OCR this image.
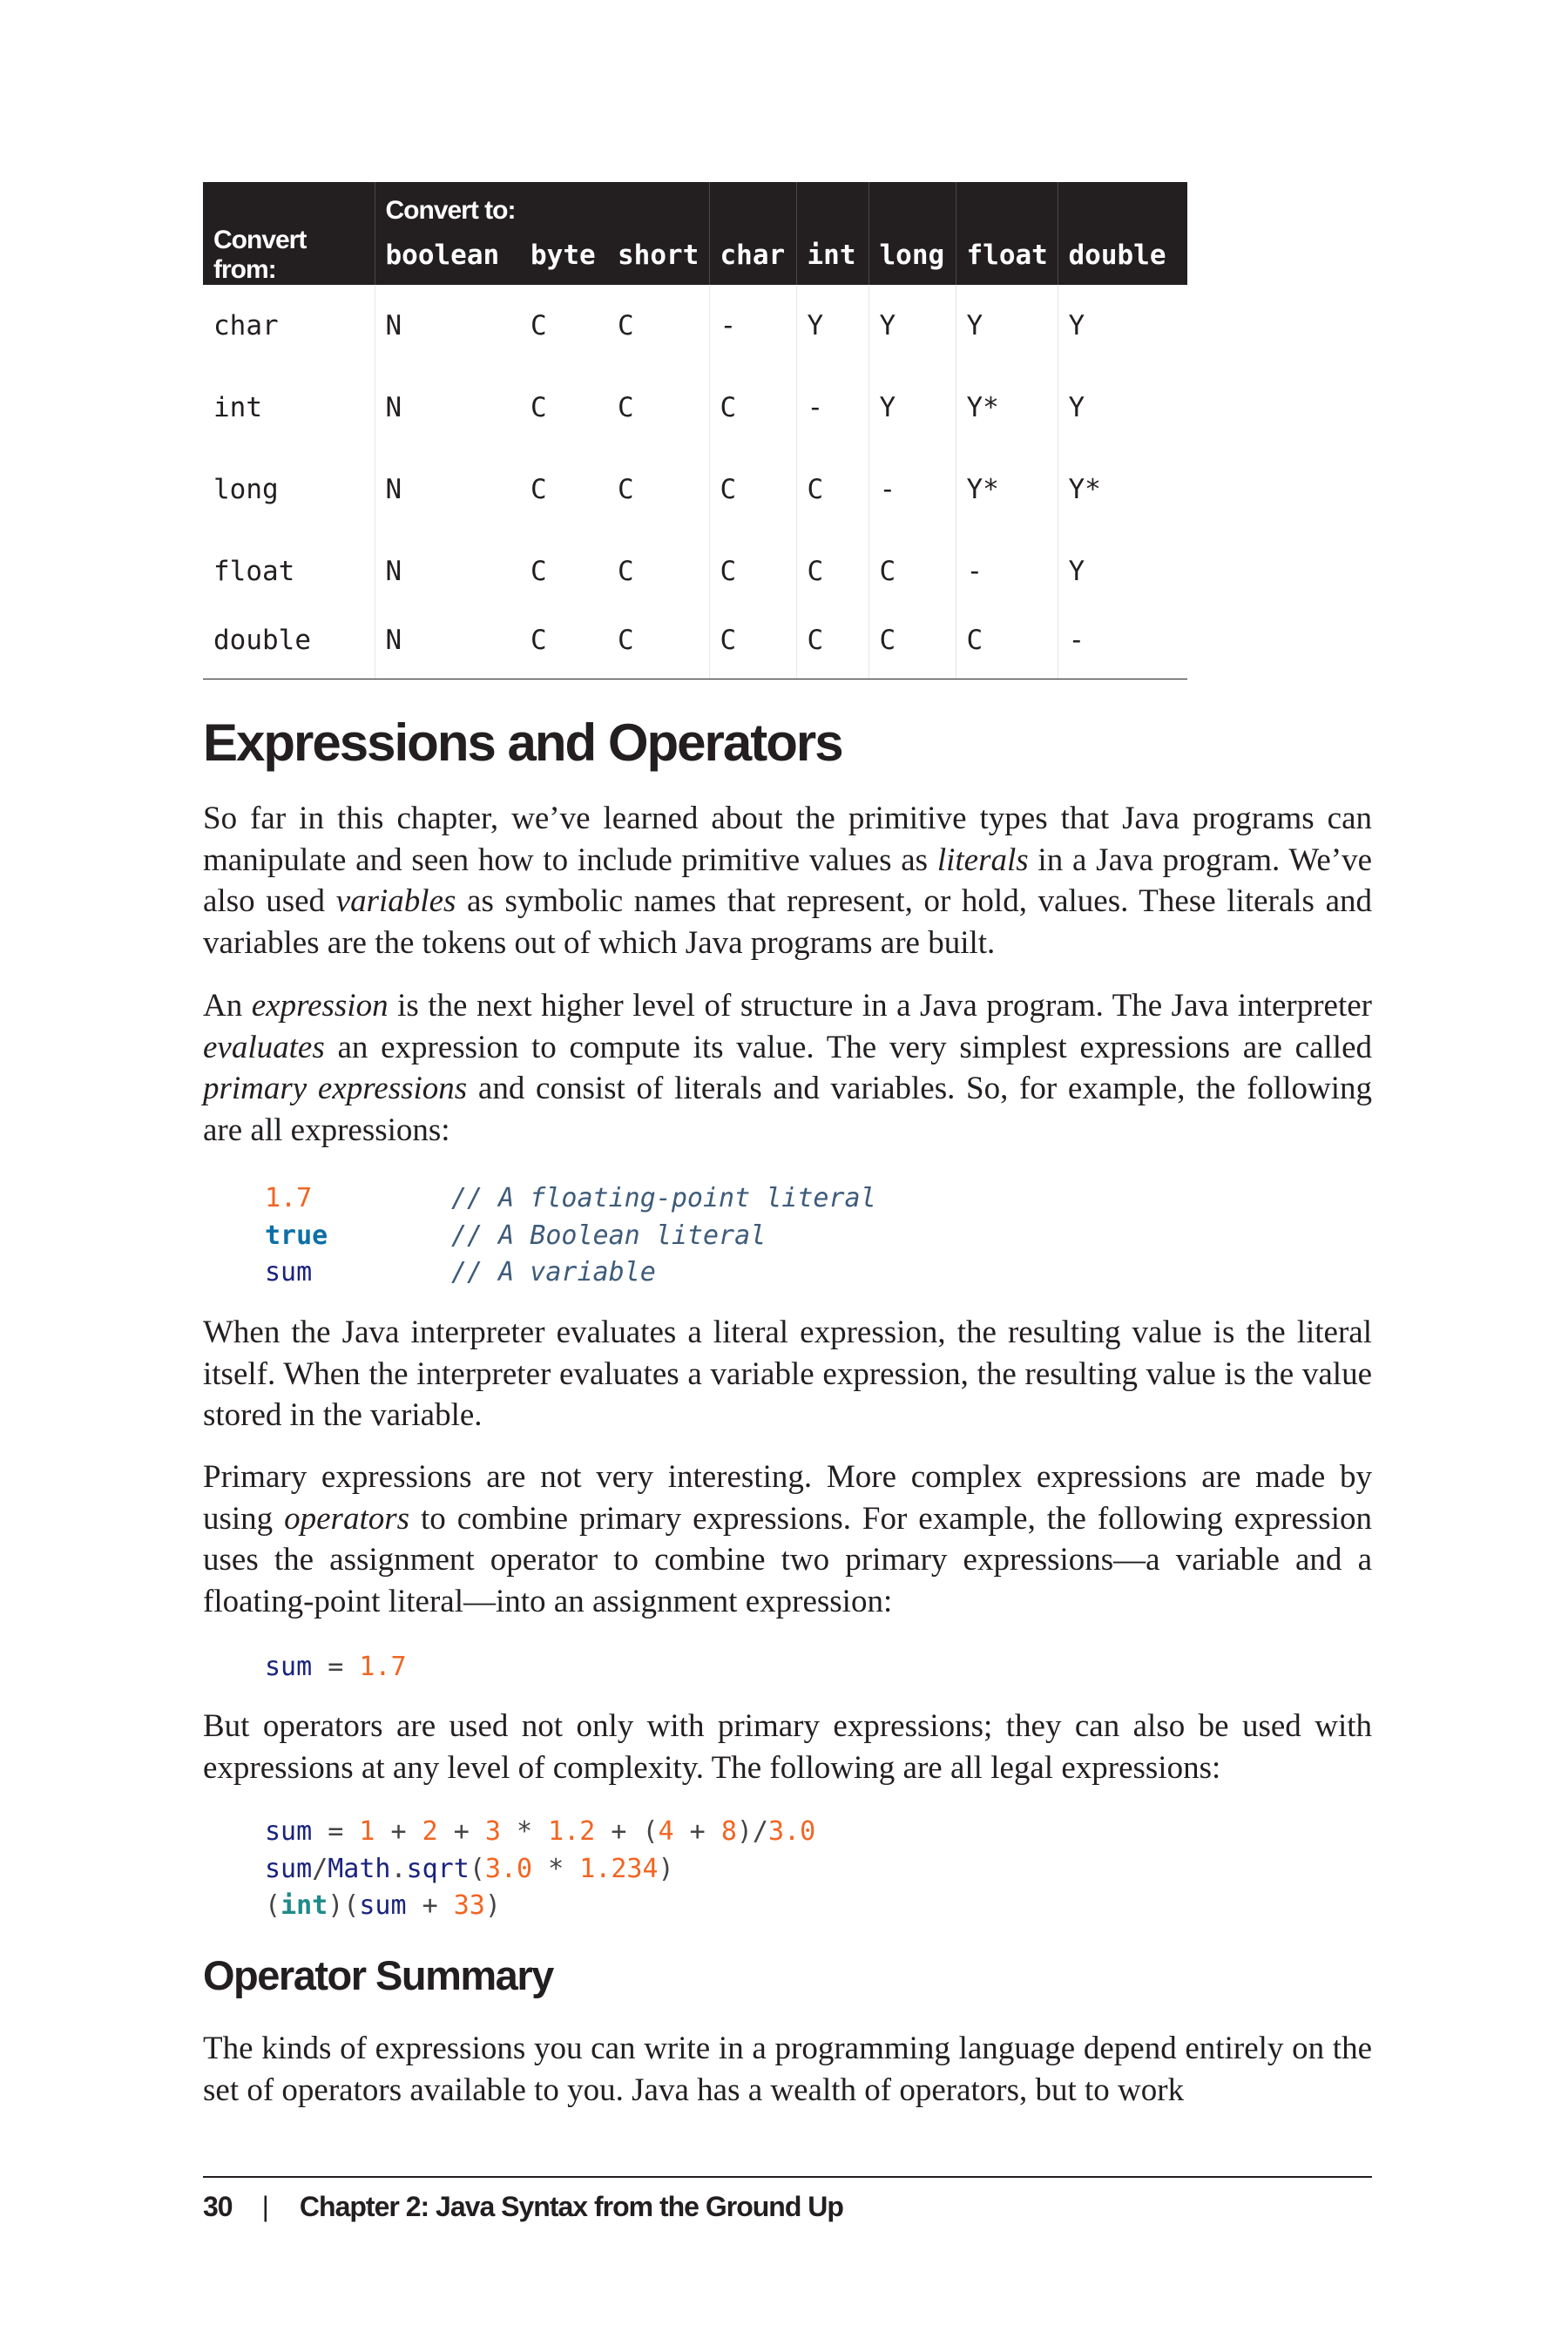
	Convert to:							
Convert from:	boolean	byte	short	char	int	long	float	double
char	N	C	C	-	Y	Y	Y	Y
int	N	C	C	C	-	Y	Y*	Y
long	N	C	C	C	C	-	Y*	Y*
float	N	C	C	C	C	C	-	Y
double	N	C	C	C	C	C	C	-
Expressions and Operators

So far in this chapter, we’ve learned about the primitive types that Java programs can manipulate and seen how to include primitive values as literals in a Java program. We’ve also used variables as symbolic names that represent, or hold, values. These literals and variables are the tokens out of which Java programs are built.

An expression is the next higher level of structure in a Java program. The Java interpreter evaluates an expression to compute its value. The very simplest expressions are called primary expressions and consist of literals and variables. So, for example, the following are all expressions:

1.7	// A floating-point literal
true	// A Boolean literal
sum	// A variable

When the Java interpreter evaluates a literal expression, the resulting value is the literal itself. When the interpreter evaluates a variable expression, the resulting value is the value stored in the variable.

Primary expressions are not very interesting. More complex expressions are made by using operators to combine primary expressions. For example, the following expression uses the assignment operator to combine two primary expressions—a variable and a floating-point literal—into an assignment expression:

sum = 1.7

But operators are used not only with primary expressions; they can also be used with expressions at any level of complexity. The following are all legal expressions:

sum = 1 + 2 + 3 * 1.2 + (4 + 8)/3.0
sum/Math.sqrt(3.0 * 1.234)
(int)(sum + 33)
Operator Summary

The kinds of expressions you can write in a programming language depend entirely on the set of operators available to you. Java has a wealth of operators, but to work

30 | Chapter 2: Java Syntax from the Ground Up
